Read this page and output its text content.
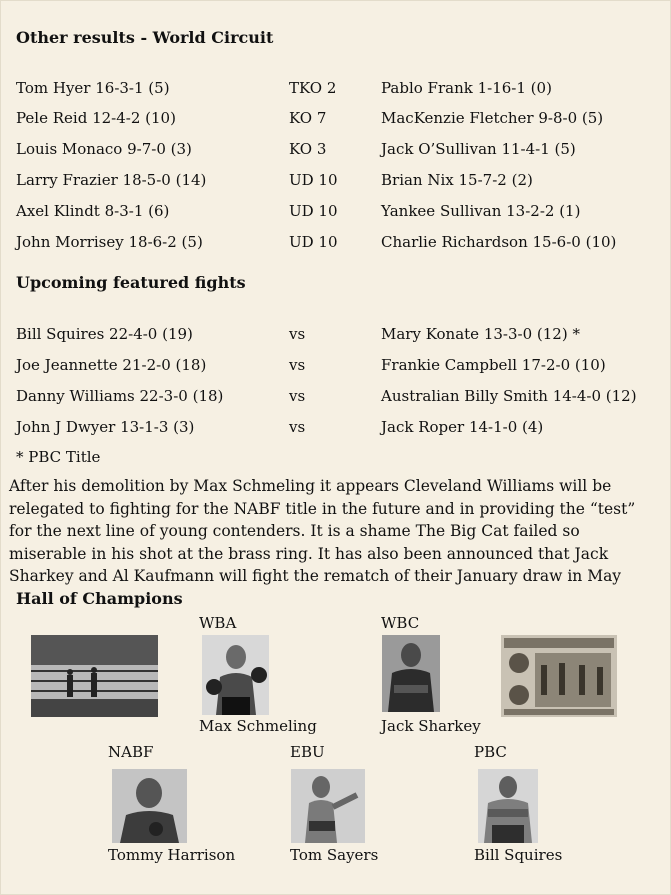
Other results - World Circuit
Tom Hyer 16-3-1 (5)	TKO 2	Pablo Frank 1-16-1 (0)
Pele Reid 12-4-2 (10)	KO 7	MacKenzie Fletcher 9-8-0 (5)
Louis Monaco 9-7-0 (3)	KO 3	Jack O’Sullivan 11-4-1 (5)
Larry Frazier 18-5-0 (14)	UD 10	Brian Nix 15-7-2 (2)
Axel Klindt 8-3-1 (6)	UD 10	Yankee Sullivan 13-2-2 (1)
John Morrisey 18-6-2 (5)	UD 10	Charlie Richardson 15-6-0 (10)
Upcoming featured fights
Bill Squires 22-4-0 (19)	vs	Mary Konate 13-3-0 (12) *
Joe Jeannette 21-2-0 (18)	vs	Frankie Campbell 17-2-0 (10)
Danny Williams 22-3-0 (18)	vs	Australian Billy Smith 14-4-0 (12)
John J Dwyer 13-1-3 (3)	vs	Jack Roper 14-1-0 (4)
* PBC Title
After his demolition by Max Schmeling it appears Cleveland Williams will be relegated to fighting for the NABF title in the future and in providing the “test” for the next line of young contenders. It is a shame The Big Cat failed so miserable in his shot at the brass ring. It has also been announced that Jack Sharkey and Al Kaufmann will fight the rematch of their January draw in May
Hall of Champions
WBA
Max Schmeling
WBC
Jack Sharkey
NABF
Tommy Harrison
EBU
Tom Sayers
PBC
Bill Squires
